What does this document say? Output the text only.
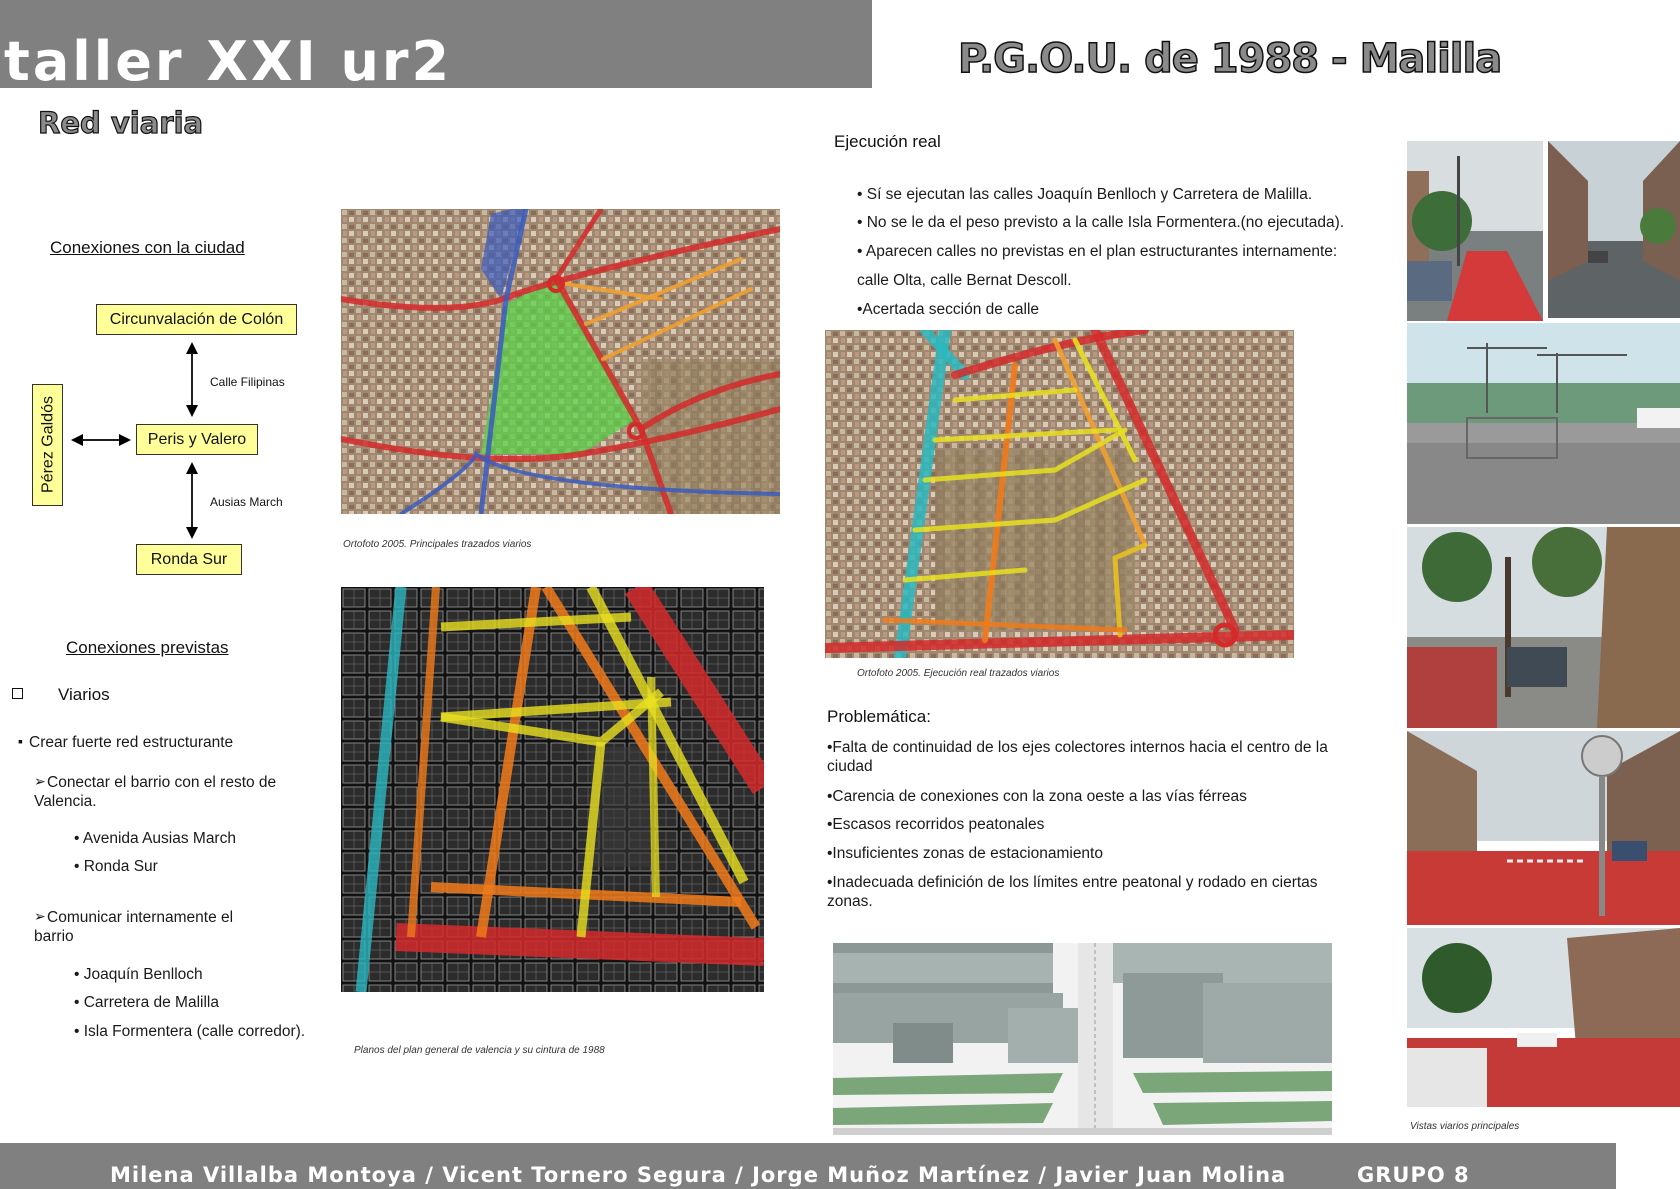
taller XXI ur2	P.G.O.U. de 1988 - Malilla
Red viaria
Conexiones con la ciudad
Circunvalación de Colón
Peris y Valero
Ronda Sur
Pérez Galdós
Calle Filipinas
Ausias March
Conexiones previstas
Viarios
▪ Crear fuerte red estructurante
➢ Conectar el barrio con el resto de Valencia.
• Avenida Ausias March
• Ronda Sur
➢ Comunicar internamente el barrio
• Joaquín Benlloch
• Carretera de Malilla
• Isla Formentera (calle corredor).
Ortofoto 2005. Principales trazados viarios
Planos del plan general de valencia y su cintura de 1988
Ejecución real
• Sí se ejecutan las calles Joaquín Benlloch y Carretera de Malilla.
• No se le da el peso previsto a la calle Isla Formentera.(no ejecutada).
• Aparecen calles no previstas en el plan estructurantes internamente:
calle Olta, calle Bernat Descoll.
•Acertada sección de calle
Ortofoto 2005. Ejecución real trazados viarios
Problemática:
•Falta de continuidad de los ejes colectores internos hacia el centro de la ciudad
•Carencia de conexiones con la zona oeste a las vías férreas
•Escasos recorridos peatonales
•Insuficientes zonas de estacionamiento
•Inadecuada definición de los límites entre peatonal y rodado en ciertas zonas.
Vistas viarios principales
Milena Villalba Montoya / Vicent Tornero Segura / Jorge Muñoz Martínez / Javier Juan Molina	GRUPO 8
